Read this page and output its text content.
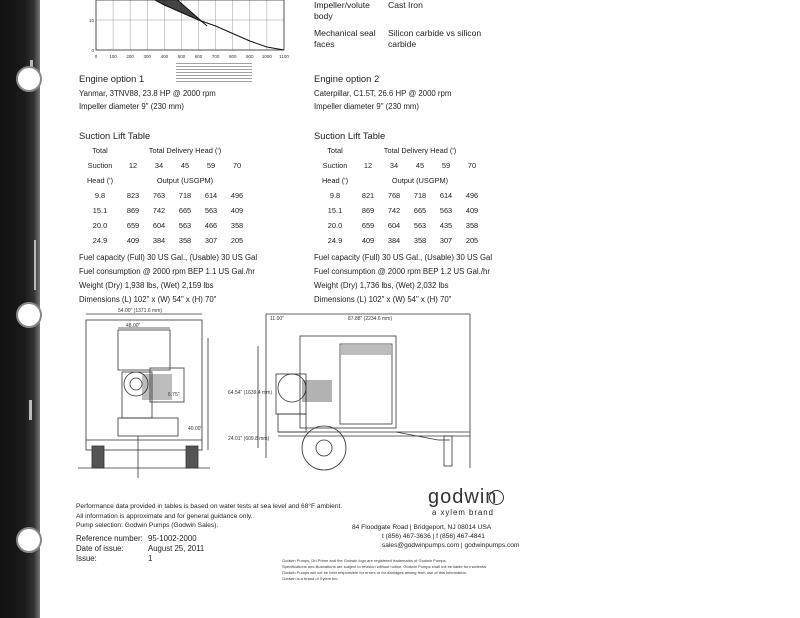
0	100 200 300 400 500 600 700 800 900 1000 1100
10
0
Impeller/volute body
Cast Iron
Mechanical seal faces
Silicon carbide vs silicon carbide
Engine option 1
Yanmar, 3TNV88, 23.8 HP @ 2000 rpm
Impeller diameter 9" (230 mm)
Engine option 2
Caterpillar, C1.5T, 26.6 HP @ 2000 rpm
Impeller diameter 9" (230 mm)
Suction Lift Table
Total	Total Delivery Head (')				
Suction	12	34	45	59	70
Head (')	Output (USGPM)				
9.8	823	763	718	614	496
15.1	869	742	665	563	409
20.0	659	604	563	466	358
24.9	409	384	358	307	205
Suction Lift Table
Total	Total Delivery Head (')				
Suction	12	34	45	59	70
Head (')	Output (USGPM)				
9.8	821	768	718	614	496
15.1	869	742	665	563	409
20.0	659	604	563	435	358
24.9	409	384	358	307	205
Fuel capacity (Full) 30 US Gal., (Usable) 30 US Gal
Fuel consumption @ 2000 rpm BEP 1.1 US Gal./hr
Weight (Dry) 1,938 lbs, (Wet) 2,159 lbs
Dimensions (L) 102" x (W) 54" x (H) 70"
Fuel capacity (Full) 30 US Gal., (Usable) 30 US Gal
Fuel consumption @ 2000 rpm BEP 1.2 US Gal./hr
Weight (Dry) 1,736 lbs, (Wet) 2,032 lbs
Dimensions (L) 102" x (W) 54" x (H) 70"
54.00" (1371.6 mm)
48.00"
6.75"
40.00"
87.88" (2234.6 mm)
11.00"
64.54" (1639.4 mm)
24.01" (609.8 mm)
Performance data provided in tables is based on water tests at sea level and 68°F ambient.
All information is approximate and for general guidance only.
Pump selection: Godwin Pumps (Godwin Sales).
Reference number: 95-1002-2000
Date of issue:	August 25, 2011
Issue:	1
godwin
a xylem brand
84 Floodgate Road | Bridgeport, NJ 08014 USA
t (856) 467-3636 | f (856) 467-4841
sales@godwinpumps.com | godwinpumps.com
Godwin Pumps, Dri-Prime and the Godwin logo are registered trademarks of Godwin Pumps.
Specifications and illustrations are subject to revision without notice. Godwin Pumps shall not be liable for incidental
Godwin Pumps will not be held responsible for errors or for damages arising from use of this information.
Godwin is a brand of Xylem Inc.
